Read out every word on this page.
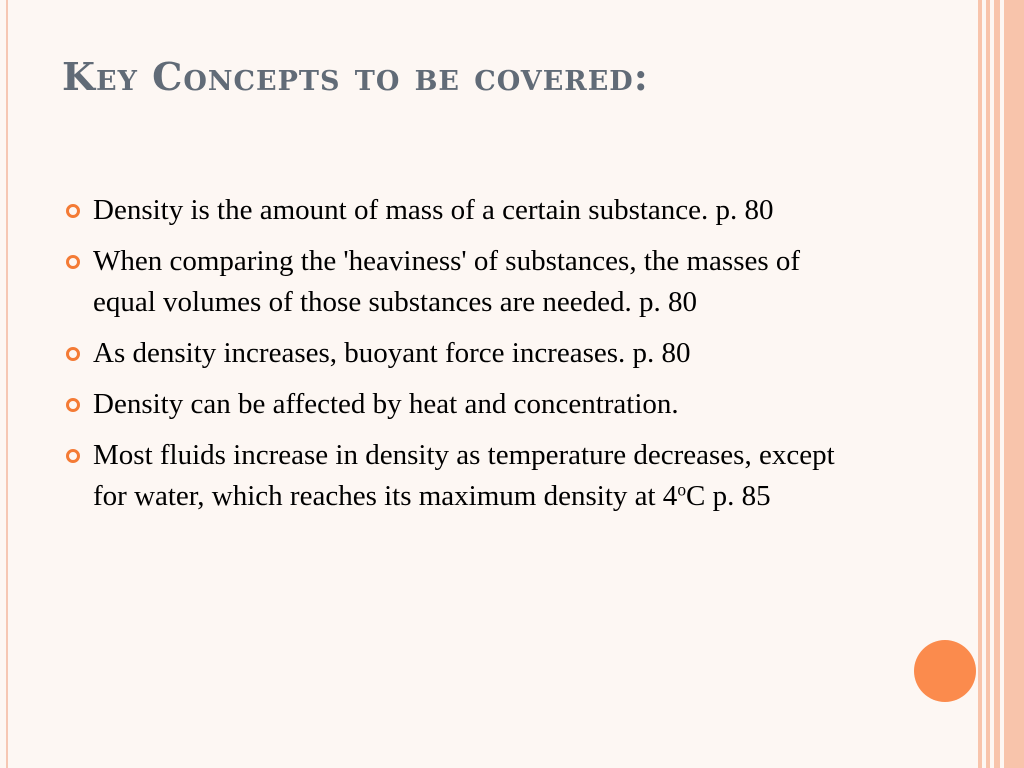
Key Concepts to be covered:
Density is the amount of mass of a certain substance. p. 80
When comparing the 'heaviness' of substances, the masses of equal volumes of those substances are needed. p. 80
As density increases, buoyant force increases. p. 80
Density can be affected by heat and concentration.
Most fluids increase in density as temperature decreases, except for water, which reaches its maximum density at 4$^o$C p. 85
